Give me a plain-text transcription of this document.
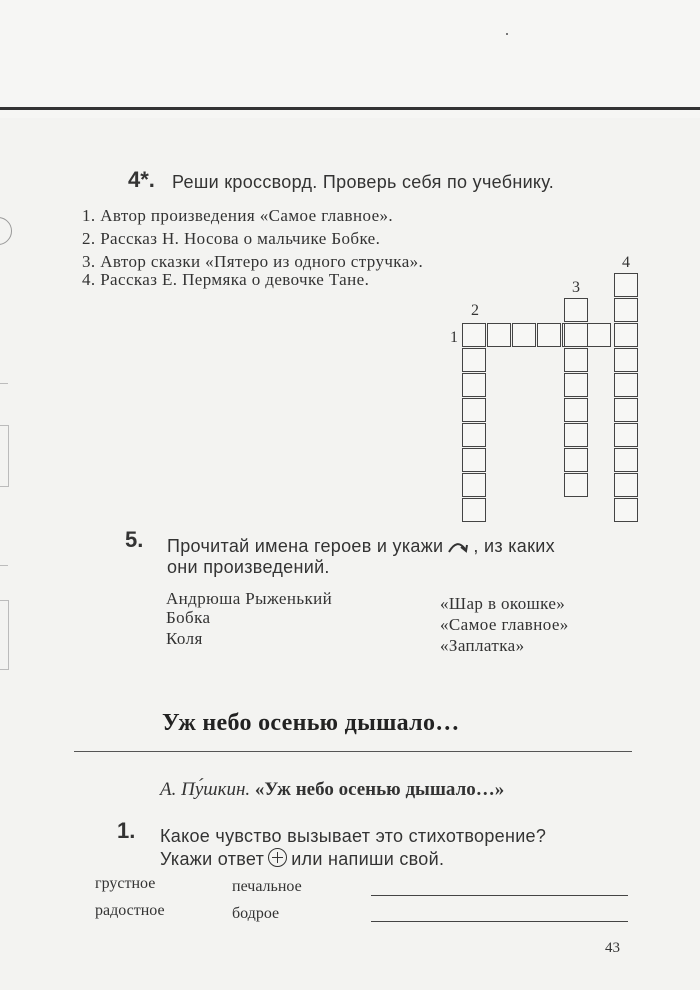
4*. Реши кроссворд. Проверь себя по учебнику.
1. Автор произведения «Самое главное».
2. Рассказ Н. Носова о мальчике Бобке.
3. Автор сказки «Пятеро из одного стручка».
4. Рассказ Е. Пермяка о девочке Тане.
1
2
3
4
5. Прочитай имена героев и укажи , из каких
они произведений.
Андрюша Рыженький
Бобка
Коля
«Шар в окошке»
«Самое главное»
«Заплатка»
Уж небо осенью дышало…
А. Пу́шкин. «Уж небо осенью дышало…»
1. Какое чувство вызывает это стихотворение?
Укажи ответ или напиши свой.
грустное	печальное
радостное	бодрое
43
